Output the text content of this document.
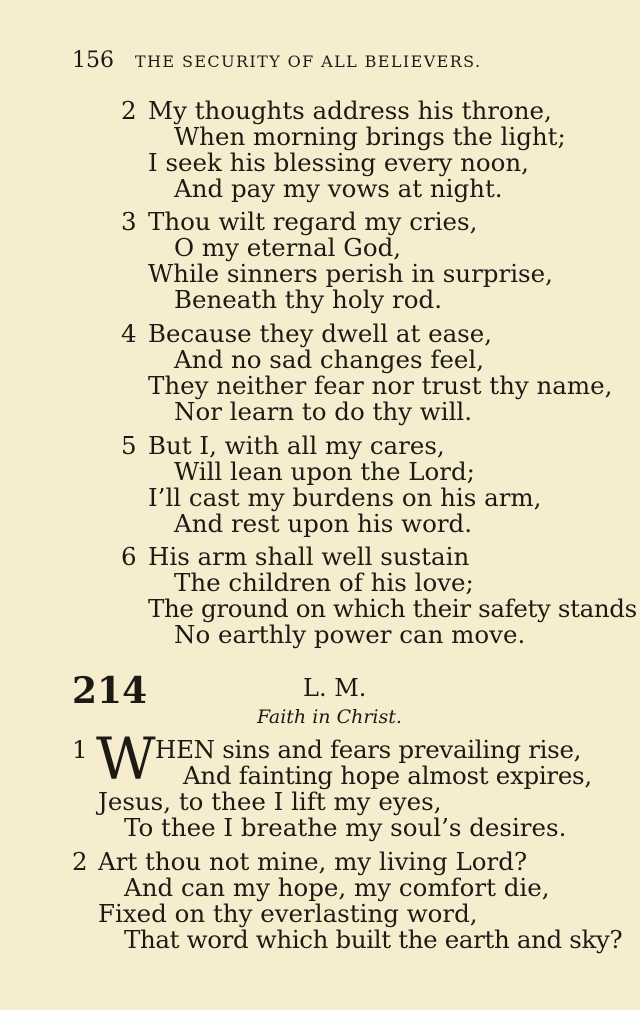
156 THE SECURITY OF ALL BELIEVERS.
2 My thoughts address his throne,
When morning brings the light;
I seek his blessing every noon,
And pay my vows at night.
3 Thou wilt regard my cries,
O my eternal God,
While sinners perish in surprise,
Beneath thy holy rod.
4 Because they dwell at ease,
And no sad changes feel,
They neither fear nor trust thy name,
Nor learn to do thy will.
5 But I, with all my cares,
Will lean upon the Lord;
I’ll cast my burdens on his arm,
And rest upon his word.
6 His arm shall well sustain
The children of his love;
The ground on which their safety stands
No earthly power can move.
214	L. M.
Faith in Christ.
1 W HEN sins and fears prevailing rise,
And fainting hope almost expires,
Jesus, to thee I lift my eyes,
To thee I breathe my soul’s desires.
2 Art thou not mine, my living Lord?
And can my hope, my comfort die,
Fixed on thy everlasting word,
That word which built the earth and sky?
